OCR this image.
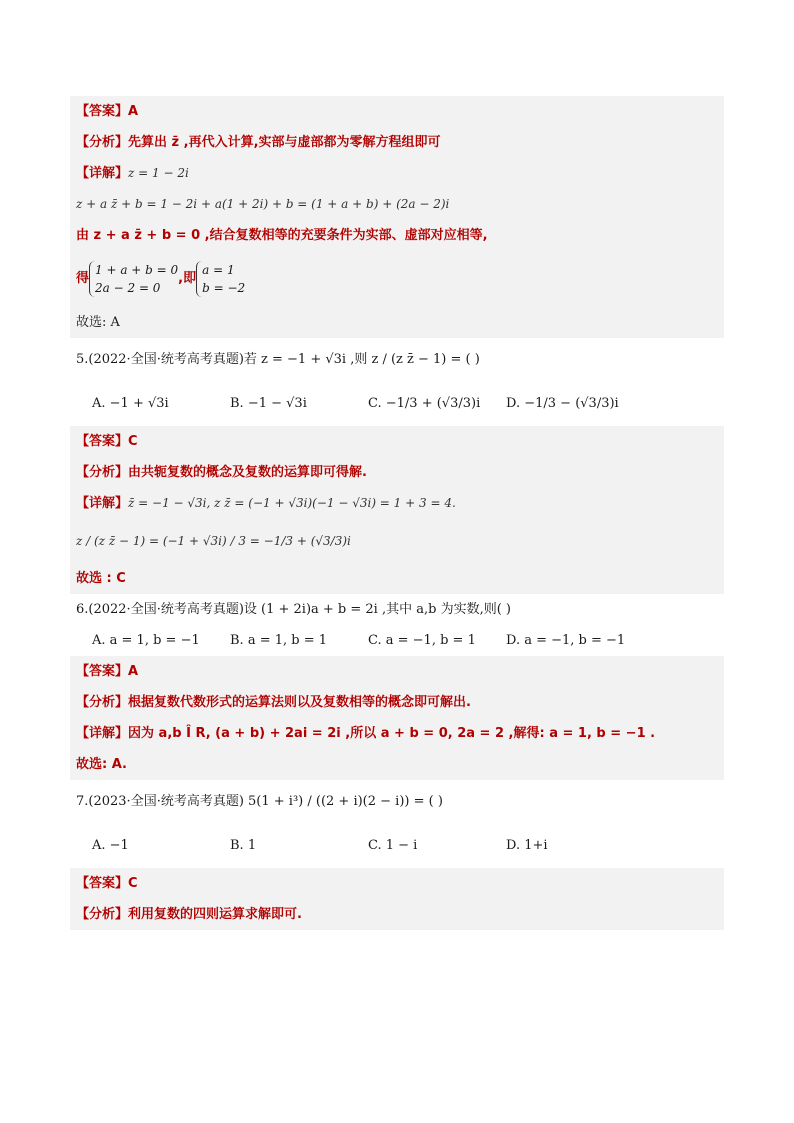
【答案】A
【分析】先算出 z̄ ,再代入计算,实部与虚部都为零解方程组即可
【详解】z = 1 − 2i
z + a z̄ + b = 1 − 2i + a(1 + 2i) + b = (1 + a + b) + (2a − 2)i
由 z + a z̄ + b = 0 ,结合复数相等的充要条件为实部、虚部对应相等,
得1 + a + b = 0
2a − 2 = 0,即a = 1
b = −2
故选: A
5.(2022·全国·统考高考真题)若 z = −1 + √3i ,则 z / (z z̄ − 1) = ( )
A. −1 + √3i	B. −1 − √3i	C. −1/3 + (√3/3)i	D. −1/3 − (√3/3)i
【答案】C
【分析】由共轭复数的概念及复数的运算即可得解.
【详解】z̄ = −1 − √3i, z z̄ = (−1 + √3i)(−1 − √3i) = 1 + 3 = 4.
z / (z z̄ − 1) = (−1 + √3i) / 3 = −1/3 + (√3/3)i
故选 : C
6.(2022·全国·统考高考真题)设 (1 + 2i)a + b = 2i ,其中 a,b 为实数,则( )
A. a = 1, b = −1	B. a = 1, b = 1	C. a = −1, b = 1	D. a = −1, b = −1
【答案】A
【分析】根据复数代数形式的运算法则以及复数相等的概念即可解出.
【详解】因为 a,b Î R, (a + b) + 2ai = 2i ,所以 a + b = 0, 2a = 2 ,解得: a = 1, b = −1 .
故选: A.
7.(2023·全国·统考高考真题) 5(1 + i³) / ((2 + i)(2 − i)) = ( )
A. −1	B. 1	C. 1 − i	D. 1+i
【答案】C
【分析】利用复数的四则运算求解即可.
